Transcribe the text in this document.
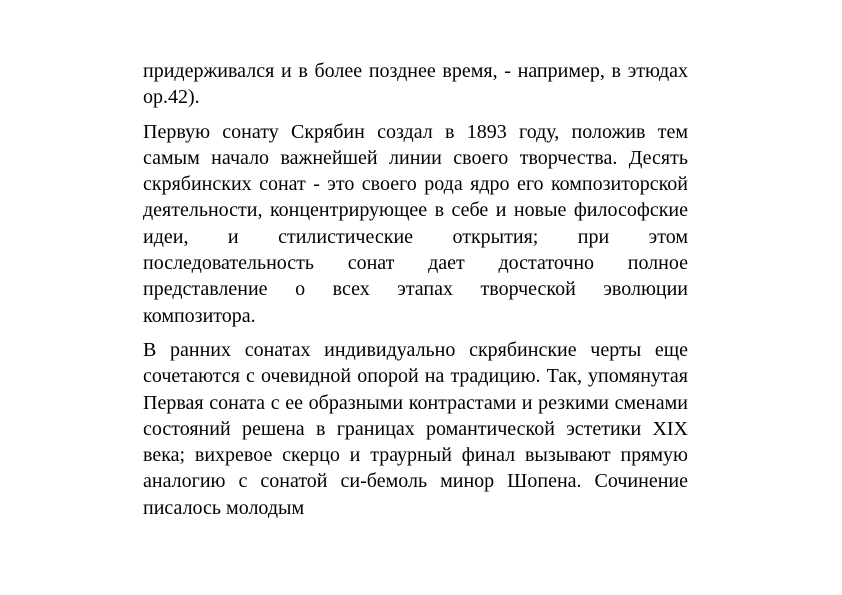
придерживался и в более позднее время, - например, в этюдах ор.42).

Первую сонату Скрябин создал в 1893 году, положив тем самым начало важнейшей линии своего творчества. Десять скрябинских сонат - это своего рода ядро его композиторской деятельности, концентрирующее в себе и новые философские идеи, и стилистические открытия; при этом последовательность сонат дает достаточно полное представление о всех этапах творческой эволюции композитора.

В ранних сонатах индивидуально скрябинские черты еще сочетаются с очевидной опорой на традицию. Так, упомянутая Первая соната с ее образными контрастами и резкими сменами состояний решена в границах романтической эстетики XIX века; вихревое скерцо и траурный финал вызывают прямую аналогию с сонатой си-бемоль минор Шопена. Сочинение писалось молодым
